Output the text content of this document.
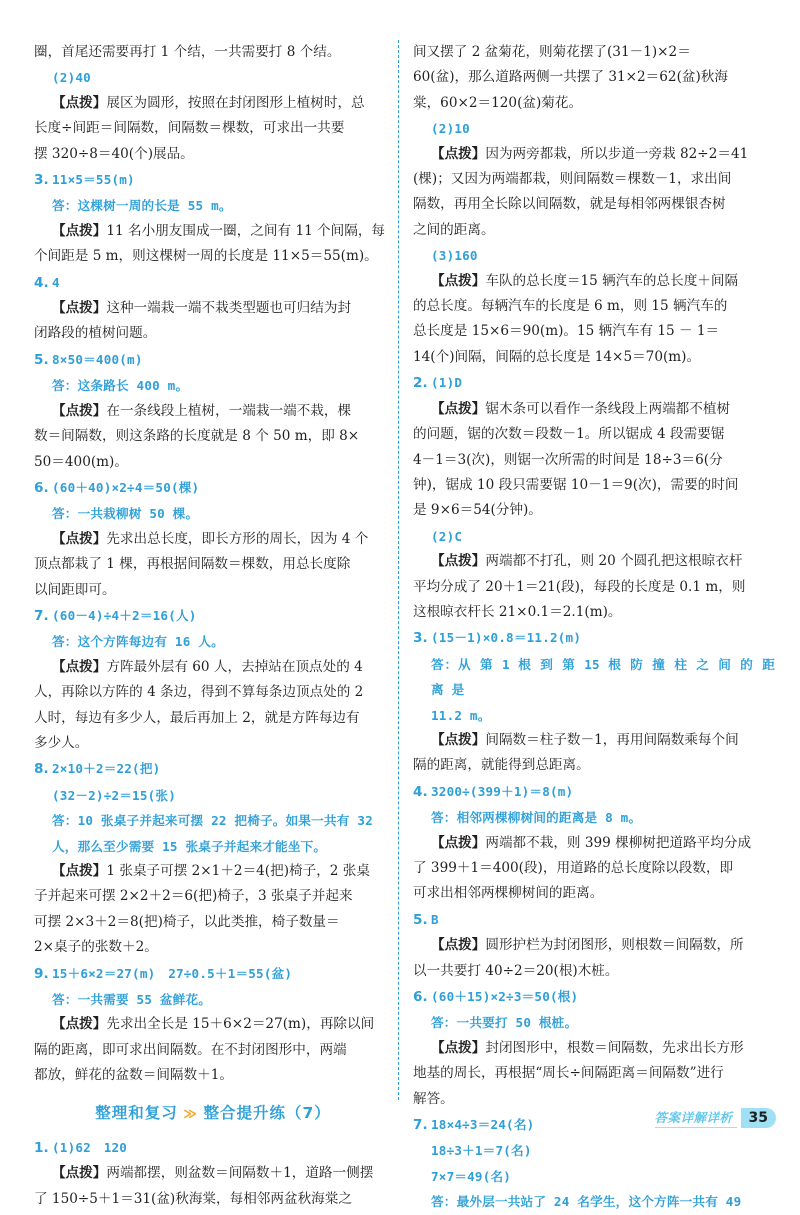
圈，首尾还需要再打 1 个结，一共需要打 8 个结。
(2)40
【点拨】展区为圆形，按照在封闭图形上植树时，总
长度÷间距＝间隔数，间隔数＝棵数，可求出一共要
摆 320÷8＝40(个)展品。
3. 11×5＝55(m)
答：这棵树一周的长是 55 m。
【点拨】11 名小朋友围成一圈，之间有 11 个间隔，每
个间距是 5 m，则这棵树一周的长度是 11×5＝55(m)。
4. 4
【点拨】这种一端栽一端不栽类型题也可归结为封
闭路段的植树问题。
5. 8×50＝400(m)
答：这条路长 400 m。
【点拨】在一条线段上植树，一端栽一端不栽，棵
数＝间隔数，则这条路的长度就是 8 个 50 m，即 8×
50＝400(m)。
6. (60＋40)×2÷4＝50(棵)
答：一共栽柳树 50 棵。
【点拨】先求出总长度，即长方形的周长，因为 4 个
顶点都栽了 1 棵，再根据间隔数＝棵数，用总长度除
以间距即可。
7. (60－4)÷4＋2＝16(人)
答：这个方阵每边有 16 人。
【点拨】方阵最外层有 60 人，去掉站在顶点处的 4
人，再除以方阵的 4 条边，得到不算每条边顶点处的 2
人时，每边有多少人，最后再加上 2，就是方阵每边有
多少人。
8. 2×10＋2＝22(把)
(32－2)÷2＝15(张)
答：10 张桌子并起来可摆 22 把椅子。如果一共有 32
人，那么至少需要 15 张桌子并起来才能坐下。
【点拨】1 张桌子可摆 2×1＋2＝4(把)椅子，2 张桌
子并起来可摆 2×2＋2＝6(把)椅子，3 张桌子并起来
可摆 2×3＋2＝8(把)椅子，以此类推，椅子数量＝
2×桌子的张数＋2。
9. 15＋6×2＝27(m)　27÷0.5＋1＝55(盆)
答：一共需要 55 盆鲜花。
【点拨】先求出全长是 15＋6×2＝27(m)，再除以间
隔的距离，即可求出间隔数。在不封闭图形中，两端
都放，鲜花的盆数＝间隔数＋1。
整理和复习 ≫ 整合提升练（7）
1. (1)62　120
【点拨】两端都摆，则盆数＝间隔数＋1，道路一侧摆
了 150÷5＋1＝31(盆)秋海棠，每相邻两盆秋海棠之
间又摆了 2 盆菊花，则菊花摆了(31－1)×2＝
60(盆)，那么道路两侧一共摆了 31×2＝62(盆)秋海
棠，60×2＝120(盆)菊花。
(2)10
【点拨】因为两旁都栽，所以步道一旁栽 82÷2＝41
(棵)；又因为两端都栽，则间隔数＝棵数－1，求出间
隔数，再用全长除以间隔数，就是每相邻两棵银杏树
之间的距离。
(3)160
【点拨】车队的总长度＝15 辆汽车的总长度＋间隔
的总长度。每辆汽车的长度是 6 m，则 15 辆汽车的
总长度是 15×6＝90(m)。15 辆汽车有 15 － 1＝
14(个)间隔，间隔的总长度是 14×5＝70(m)。
2. (1)D
【点拨】锯木条可以看作一条线段上两端都不植树
的问题，锯的次数＝段数－1。所以锯成 4 段需要锯
4－1＝3(次)，则锯一次所需的时间是 18÷3＝6(分
钟)，锯成 10 段只需要锯 10－1＝9(次)，需要的时间
是 9×6＝54(分钟)。
(2)C
【点拨】两端都不打孔，则 20 个圆孔把这根晾衣杆
平均分成了 20＋1＝21(段)，每段的长度是 0.1 m，则
这根晾衣杆长 21×0.1＝2.1(m)。
3. (15－1)×0.8＝11.2(m)
答：从 第 1 根 到 第 15 根 防 撞 柱 之 间 的 距 离 是
11.2 m。
【点拨】间隔数＝柱子数－1，再用间隔数乘每个间
隔的距离，就能得到总距离。
4. 3200÷(399＋1)＝8(m)
答：相邻两棵柳树间的距离是 8 m。
【点拨】两端都不栽，则 399 棵柳树把道路平均分成
了 399＋1＝400(段)，用道路的总长度除以段数，即
可求出相邻两棵柳树间的距离。
5. B
【点拨】圆形护栏为封闭图形，则根数＝间隔数，所
以一共要打 40÷2＝20(根)木桩。
6. (60＋15)×2÷3＝50(根)
答：一共要打 50 根桩。
【点拨】封闭图形中，根数＝间隔数，先求出长方形
地基的周长，再根据“周长÷间隔距离＝间隔数”进行
解答。
7. 18×4÷3＝24(名)
18÷3＋1＝7(名)
7×7＝49(名)
答：最外层一共站了 24 名学生，这个方阵一共有 49
答案详解详析	35
